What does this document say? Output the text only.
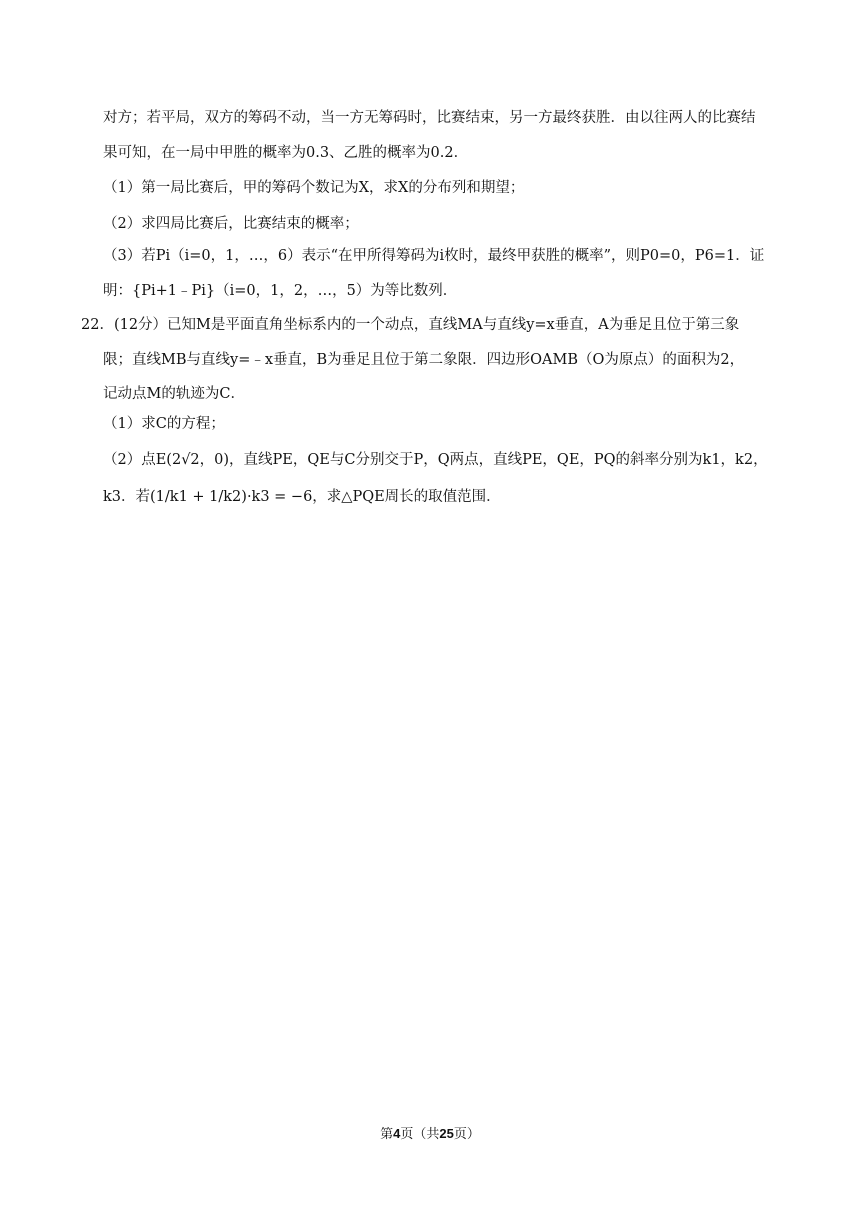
对方；若平局，双方的筹码不动，当一方无筹码时，比赛结束，另一方最终获胜．由以往两人的比赛结
果可知，在一局中甲胜的概率为0.3、乙胜的概率为0.2．
（1）第一局比赛后，甲的筹码个数记为X，求X的分布列和期望；
（2）求四局比赛后，比赛结束的概率；
（3）若Pi（i=0，1，…，6）表示“在甲所得筹码为i枚时，最终甲获胜的概率”，则P0=0，P6=1．证
明：{Pi+1﹣Pi}（i=0，1，2，…，5）为等比数列．
22．(12分）已知M是平面直角坐标系内的一个动点，直线MA与直线y=x垂直，A为垂足且位于第三象
限；直线MB与直线y=﹣x垂直，B为垂足且位于第二象限．四边形OAMB（O为原点）的面积为2，
记动点M的轨迹为C．
（1）求C的方程；
（2）点E(2√2，0)，直线PE，QE与C分别交于P，Q两点，直线PE，QE，PQ的斜率分别为k1，k2，
k3．若(1/k1 + 1/k2)·k3 = −6，求△PQE周长的取值范围．
第4页（共25页）
